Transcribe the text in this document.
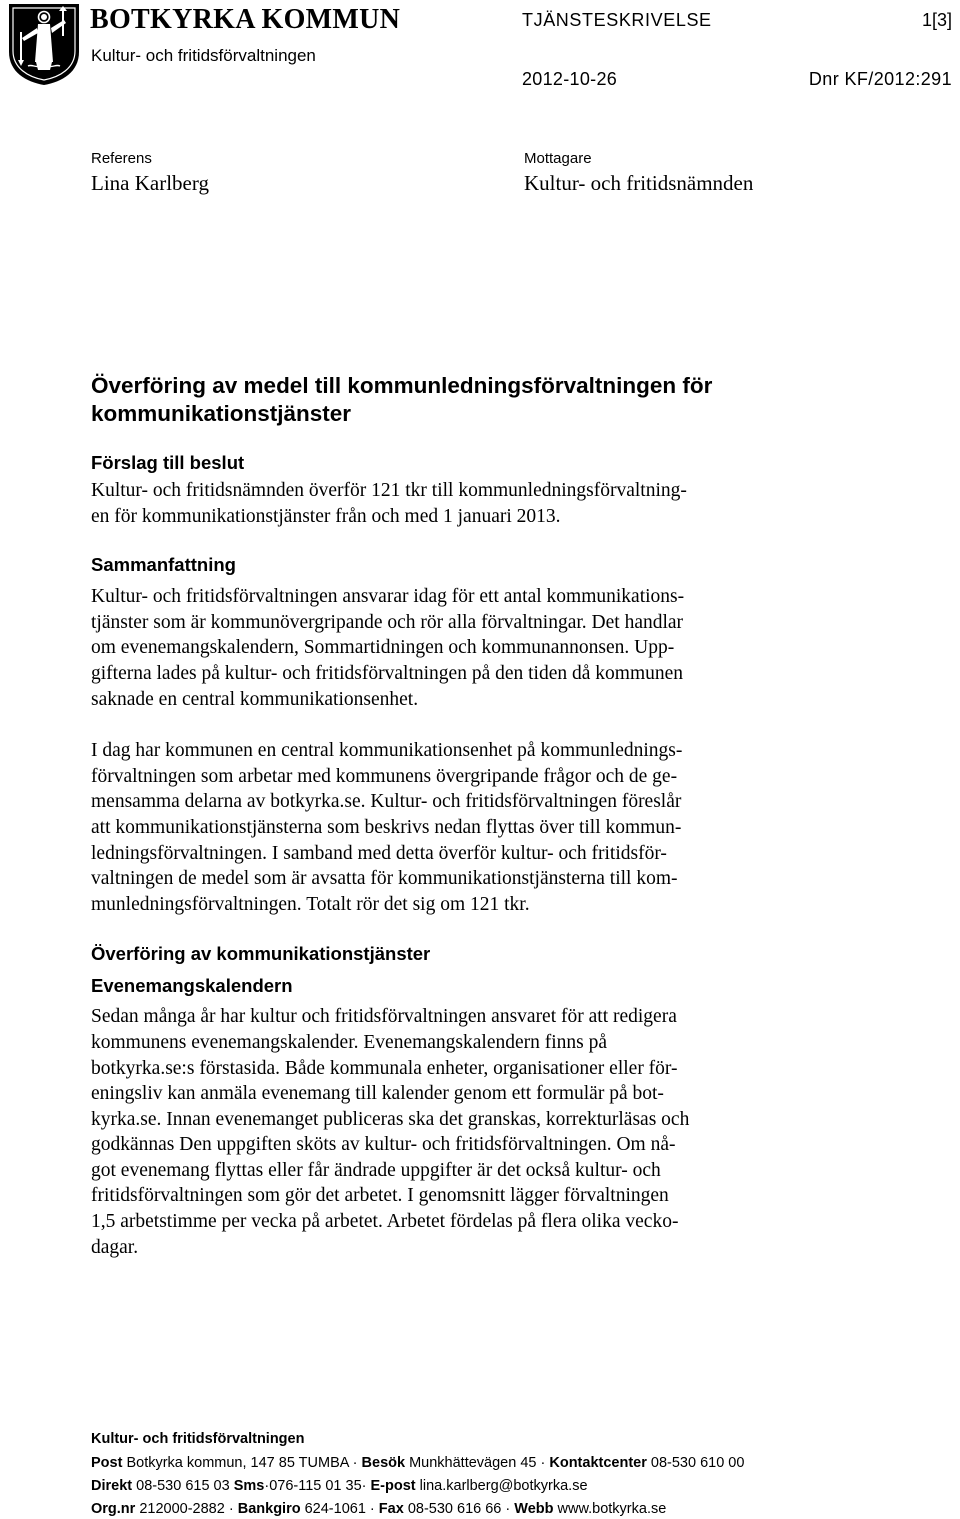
BOTKYRKA KOMMUN
Kultur- och fritidsförvaltningen
TJÄNSTESKRIVELSE	1[3]
2012-10-26	Dnr KF/2012:291
Referens
Lina Karlberg
Mottagare
Kultur- och fritidsnämnden
Överföring av medel till kommunledningsförvaltningen för
kommunikationstjänster
Förslag till beslut

Kultur- och fritidsnämnden överför 121 tkr till kommunledningsförvaltning-
en för kommunikationstjänster från och med 1 januari 2013.

Sammanfattning

Kultur- och fritidsförvaltningen ansvarar idag för ett antal kommunikations-
tjänster som är kommunövergripande och rör alla förvaltningar. Det handlar
om evenemangskalendern, Sommartidningen och kommunannonsen. Upp-
gifterna lades på kultur- och fritidsförvaltningen på den tiden då kommunen
saknade en central kommunikationsenhet.

I dag har kommunen en central kommunikationsenhet på kommunlednings-
förvaltningen som arbetar med kommunens övergripande frågor och de ge-
mensamma delarna av botkyrka.se. Kultur- och fritidsförvaltningen föreslår
att kommunikationstjänsterna som beskrivs nedan flyttas över till kommun-
ledningsförvaltningen. I samband med detta överför kultur- och fritidsför-
valtningen de medel som är avsatta för kommunikationstjänsterna till kom-
munledningsförvaltningen. Totalt rör det sig om 121 tkr.

Överföring av kommunikationstjänster
Evenemangskalendern

Sedan många år har kultur och fritidsförvaltningen ansvaret för att redigera
kommunens evenemangskalender. Evenemangskalendern finns på
botkyrka.se:s förstasida. Både kommunala enheter, organisationer eller för-
eningsliv kan anmäla evenemang till kalender genom ett formulär på bot-
kyrka.se. Innan evenemanget publiceras ska det granskas, korrekturläsas och
godkännas Den uppgiften sköts av kultur- och fritidsförvaltningen. Om nå-
got evenemang flyttas eller får ändrade uppgifter är det också kultur- och
fritidsförvaltningen som gör det arbetet. I genomsnitt lägger förvaltningen
1,5 arbetstimme per vecka på arbetet. Arbetet fördelas på flera olika vecko-
dagar.

Kultur- och fritidsförvaltningen
Post Botkyrka kommun, 147 85 TUMBA · Besök Munkhättevägen 45 · Kontaktcenter 08-530 610 00
Direkt 08-530 615 03 Sms·076-115 01 35· E-post lina.karlberg@botkyrka.se
Org.nr 212000-2882 · Bankgiro 624-1061 · Fax 08-530 616 66 · Webb www.botkyrka.se
